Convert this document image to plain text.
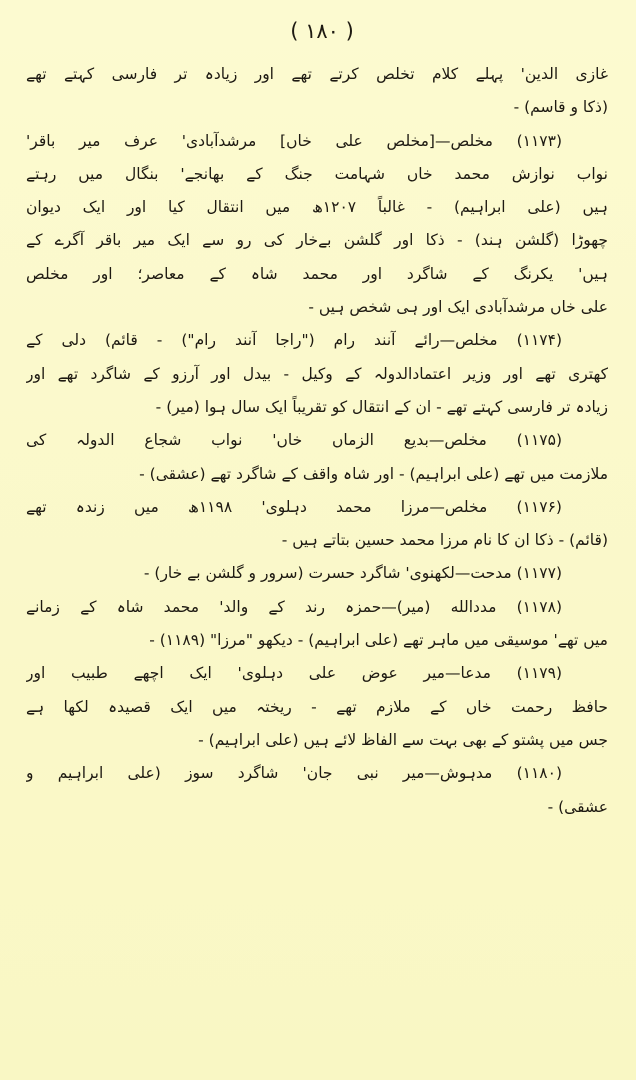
( ۱۸۰ )
غازی الدین' پہلے کلام تخلص کرتے تھے اور زیادہ تر فارسی کہتے تھے
(ذکا و قاسم) -
(۱۱۷۳) مخلص—[مخلص علی خاں] مرشدآبادی' عرف میر باقر'
نواب نوازش محمد خاں شہامت جنگ کے بھانجے' بنگال میں رہتے
ہیں (علی ابراہیم) - غالباً ۱۲۰۷ھ میں انتقال کیا اور ایک دیوان
چھوڑا (گلشن ہند) - ذکا اور گلشن بےخار کی رو سے ایک میر باقر آگرے کے
ہیں' یکرنگ کے شاگرد اور محمد شاہ کے معاصر؛ اور مخلص
علی خاں مرشدآبادی ایک اور ہی شخص ہیں -
(۱۱۷۴) مخلص—رائے آنند رام ("راجا آنند رام") - قائم) دلی کے
کھتری تھے اور وزیر اعتمادالدولہ کے وکیل - بیدل اور آرزو کے شاگرد تھے اور
زیادہ تر فارسی کہتے تھے - ان کے انتقال کو تقریباً ایک سال ہوا (میر) -
(۱۱۷۵) مخلص—بدیع الزماں خاں' نواب شجاع الدولہ کی
ملازمت میں تھے (علی ابراہیم) - اور شاہ واقف کے شاگرد تھے (عشقی) -
(۱۱۷۶) مخلص—مرزا محمد دہلوی' ۱۱۹۸ھ میں زندہ تھے
(قائم) - ذکا ان کا نام مرزا محمد حسین بتاتے ہیں -
(۱۱۷۷) مدحت—لکھنوی' شاگرد حسرت (سرور و گلشن بے خار) -
(۱۱۷۸) مددالله (میر)—حمزہ رند کے والد' محمد شاہ کے زمانے
میں تھے' موسیقی میں ماہر تھے (علی ابراہیم) - دیکھو "مرزا" (۱۱۸۹) -
(۱۱۷۹) مدعا—میر عوض علی دہلوی' ایک اچھے طبیب اور
حافظ رحمت خاں کے ملازم تھے - ریختہ میں ایک قصیدہ لکھا ہے
جس میں پشتو کے بھی بہت سے الفاظ لائے ہیں (علی ابراہیم) -
(۱۱۸۰) مدہوش—میر نبی جان' شاگرد سوز (علی ابراہیم و
عشقی) -
